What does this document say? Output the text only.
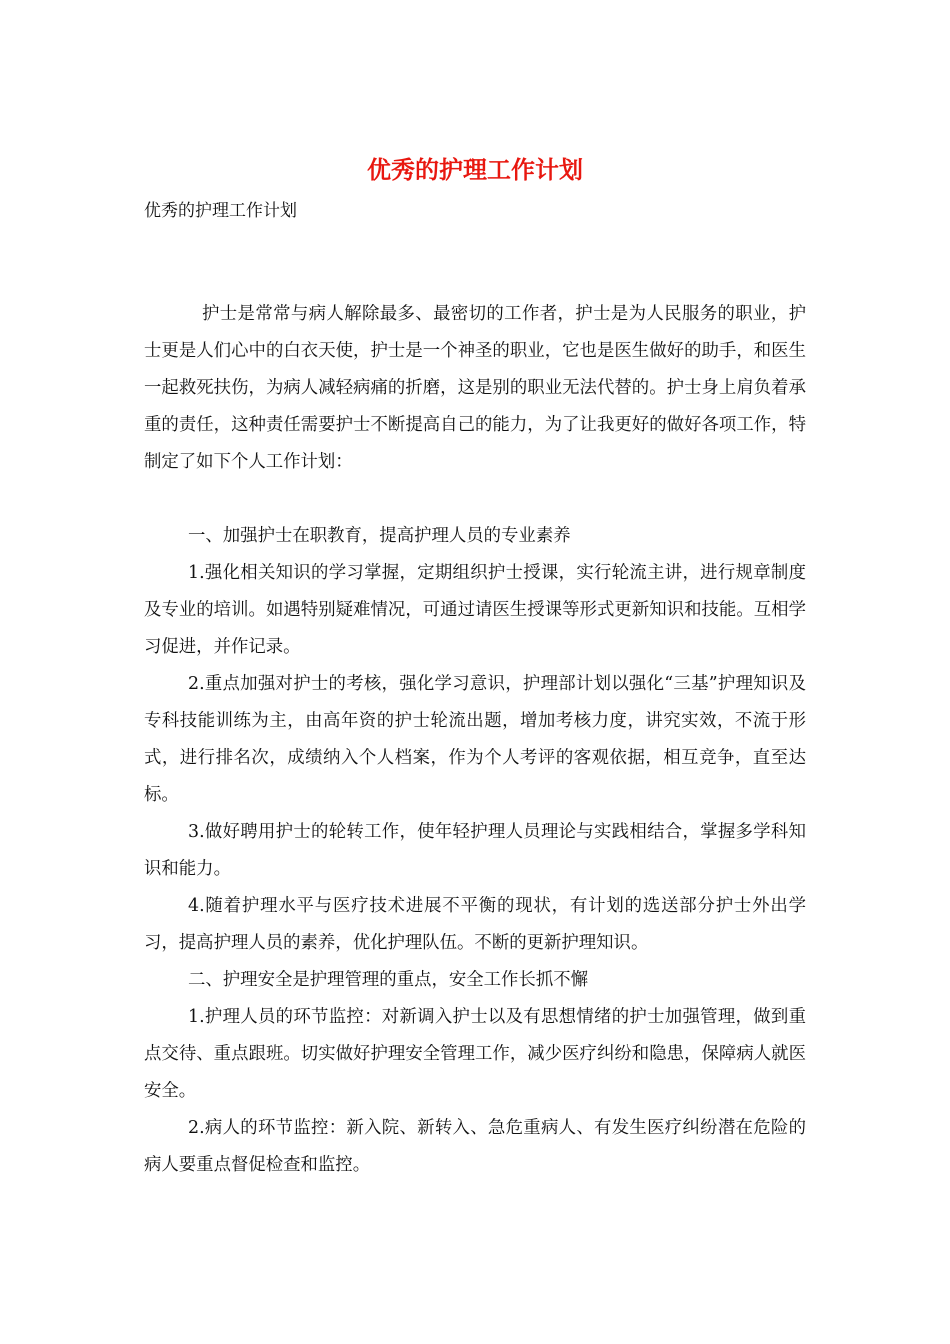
优秀的护理工作计划

优秀的护理工作计划

护士是常常与病人解除最多、最密切的工作者，护士是为人民服务的职业，护士更是人们心中的白衣天使，护士是一个神圣的职业，它也是医生做好的助手，和医生一起救死扶伤，为病人减轻病痛的折磨，这是别的职业无法代替的。护士身上肩负着承重的责任，这种责任需要护士不断提高自己的能力，为了让我更好的做好各项工作，特制定了如下个人工作计划：

一、加强护士在职教育，提高护理人员的专业素养

1.强化相关知识的学习掌握，定期组织护士授课，实行轮流主讲，进行规章制度及专业的培训。如遇特别疑难情况，可通过请医生授课等形式更新知识和技能。互相学习促进，并作记录。

2.重点加强对护士的考核，强化学习意识，护理部计划以强化“三基”护理知识及专科技能训练为主，由高年资的护士轮流出题，增加考核力度，讲究实效，不流于形式，进行排名次，成绩纳入个人档案，作为个人考评的客观依据，相互竞争，直至达标。

3.做好聘用护士的轮转工作，使年轻护理人员理论与实践相结合，掌握多学科知识和能力。

4.随着护理水平与医疗技术进展不平衡的现状，有计划的选送部分护士外出学习，提高护理人员的素养，优化护理队伍。不断的更新护理知识。

二、护理安全是护理管理的重点，安全工作长抓不懈

1.护理人员的环节监控：对新调入护士以及有思想情绪的护士加强管理，做到重点交待、重点跟班。切实做好护理安全管理工作，减少医疗纠纷和隐患，保障病人就医安全。

2.病人的环节监控：新入院、新转入、急危重病人、有发生医疗纠纷潜在危险的病人要重点督促检查和监控。
